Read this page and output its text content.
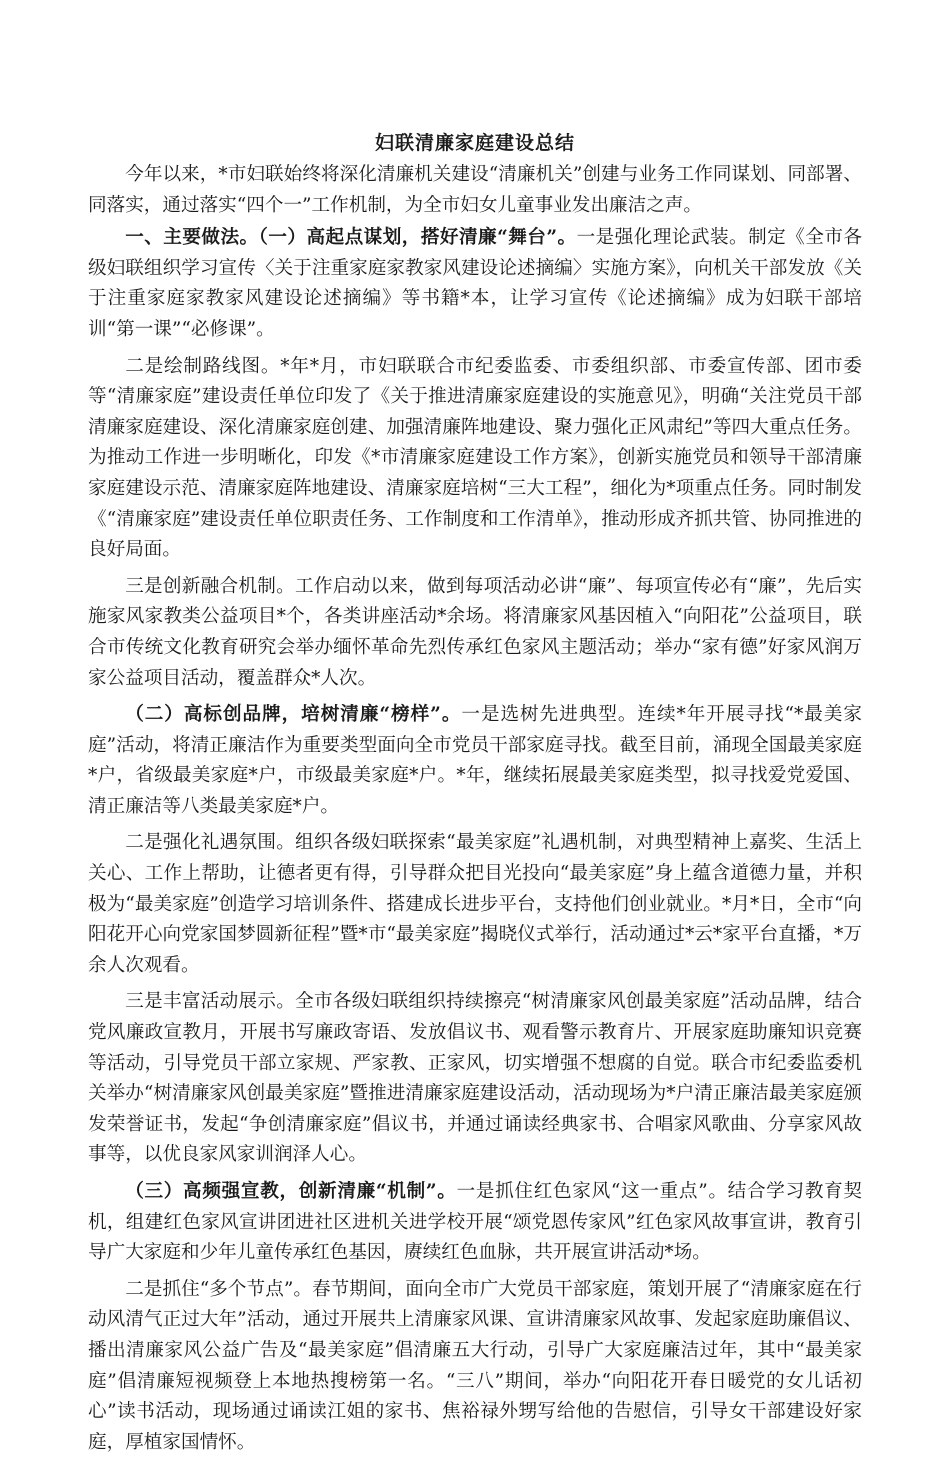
妇联清廉家庭建设总结

今年以来，*市妇联始终将深化清廉机关建设“清廉机关”创建与业务工作同谋划、同部署、同落实，通过落实“四个一”工作机制，为全市妇女儿童事业发出廉洁之声。

一、主要做法。（一）高起点谋划，搭好清廉“舞台”。一是强化理论武装。制定《全市各级妇联组织学习宣传〈关于注重家庭家教家风建设论述摘编〉实施方案》，向机关干部发放《关于注重家庭家教家风建设论述摘编》等书籍*本，让学习宣传《论述摘编》成为妇联干部培训“第一课”“必修课”。

二是绘制路线图。*年*月，市妇联联合市纪委监委、市委组织部、市委宣传部、团市委等“清廉家庭”建设责任单位印发了《关于推进清廉家庭建设的实施意见》，明确“关注党员干部清廉家庭建设、深化清廉家庭创建、加强清廉阵地建设、聚力强化正风肃纪”等四大重点任务。为推动工作进一步明晰化，印发《*市清廉家庭建设工作方案》，创新实施党员和领导干部清廉家庭建设示范、清廉家庭阵地建设、清廉家庭培树“三大工程”，细化为*项重点任务。同时制发《“清廉家庭”建设责任单位职责任务、工作制度和工作清单》，推动形成齐抓共管、协同推进的良好局面。

三是创新融合机制。工作启动以来，做到每项活动必讲“廉”、每项宣传必有“廉”，先后实施家风家教类公益项目*个，各类讲座活动*余场。将清廉家风基因植入“向阳花”公益项目，联合市传统文化教育研究会举办缅怀革命先烈传承红色家风主题活动；举办“家有德”好家风润万家公益项目活动，覆盖群众*人次。

（二）高标创品牌，培树清廉“榜样”。一是选树先进典型。连续*年开展寻找“*最美家庭”活动，将清正廉洁作为重要类型面向全市党员干部家庭寻找。截至目前，涌现全国最美家庭*户，省级最美家庭*户，市级最美家庭*户。*年，继续拓展最美家庭类型，拟寻找爱党爱国、清正廉洁等八类最美家庭*户。

二是强化礼遇氛围。组织各级妇联探索“最美家庭”礼遇机制，对典型精神上嘉奖、生活上关心、工作上帮助，让德者更有得，引导群众把目光投向“最美家庭”身上蕴含道德力量，并积极为“最美家庭”创造学习培训条件、搭建成长进步平台，支持他们创业就业。*月*日，全市“向阳花开心向党家国梦圆新征程”暨*市“最美家庭”揭晓仪式举行，活动通过*云*家平台直播，*万余人次观看。

三是丰富活动展示。全市各级妇联组织持续擦亮“树清廉家风创最美家庭”活动品牌，结合党风廉政宣教月，开展书写廉政寄语、发放倡议书、观看警示教育片、开展家庭助廉知识竞赛等活动，引导党员干部立家规、严家教、正家风，切实增强不想腐的自觉。联合市纪委监委机关举办“树清廉家风创最美家庭”暨推进清廉家庭建设活动，活动现场为*户清正廉洁最美家庭颁发荣誉证书，发起“争创清廉家庭”倡议书，并通过诵读经典家书、合唱家风歌曲、分享家风故事等，以优良家风家训润泽人心。

（三）高频强宣教，创新清廉“机制”。一是抓住红色家风“这一重点”。结合学习教育契机，组建红色家风宣讲团进社区进机关进学校开展“颂党恩传家风”红色家风故事宣讲，教育引导广大家庭和少年儿童传承红色基因，赓续红色血脉，共开展宣讲活动*场。

二是抓住“多个节点”。春节期间，面向全市广大党员干部家庭，策划开展了“清廉家庭在行动风清气正过大年”活动，通过开展共上清廉家风课、宣讲清廉家风故事、发起家庭助廉倡议、播出清廉家风公益广告及“最美家庭”倡清廉五大行动，引导广大家庭廉洁过年，其中“最美家庭”倡清廉短视频登上本地热搜榜第一名。“三八”期间，举办“向阳花开春日暖党的女儿话初心”读书活动，现场通过诵读江姐的家书、焦裕禄外甥写给他的告慰信，引导女干部建设好家庭，厚植家国情怀。
